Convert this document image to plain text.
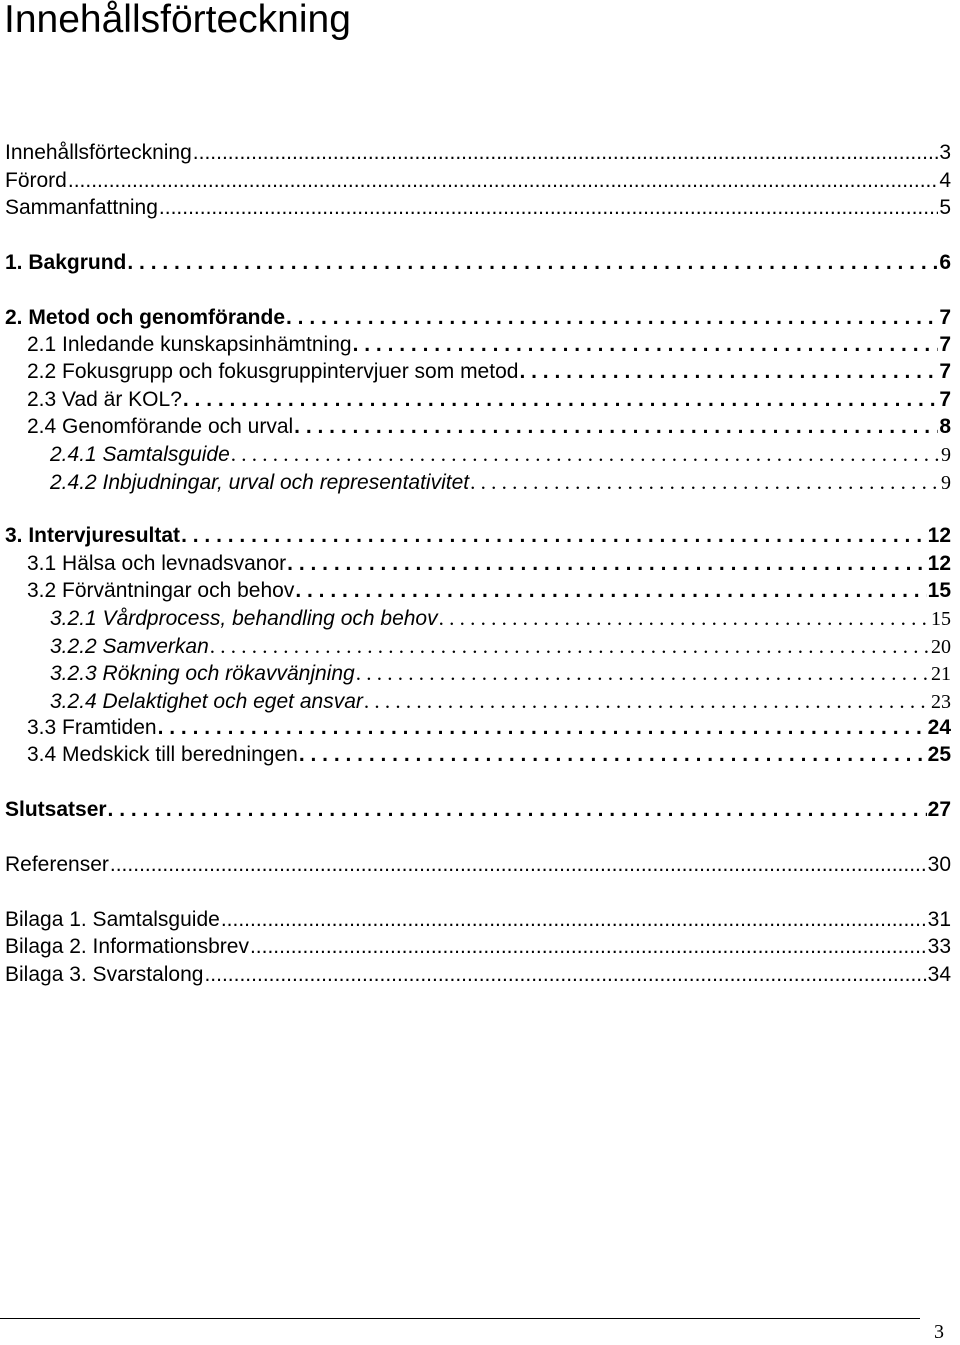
Innehållsförteckning .....	3
Förord .....	4
Sammanfattning .....	5
1. Bakgrund . . .	6
2. Metod och genomförande . . .	7
2.1 Inledande kunskapsinhämtning . . .	7
2.2 Fokusgrupp och fokusgruppintervjuer som metod . . .	7
2.3 Vad är KOL? . . .	7
2.4 Genomförande och urval . . .	8
2.4.1 Samtalsguide . . .	9
2.4.2 Inbjudningar, urval och representativitet . . .	9
3. Intervjuresultat . . .	12
3.1 Hälsa och levnadsvanor . . .	12
3.2 Förväntningar och behov . . .	15
3.2.1 Vårdprocess, behandling och behov . . .	15
3.2.2 Samverkan . . .	20
3.2.3 Rökning och rökavvänjning . . .	21
3.2.4 Delaktighet och eget ansvar . . .	23
3.3 Framtiden . . .	24
3.4 Medskick till beredningen . . .	25
Slutsatser . . .	27
Referenser .....	30
Bilaga 1. Samtalsguide .....	31
Bilaga 2. Informationsbrev .....	33
Bilaga 3. Svarstalong .....	34
Innehållsförteckning
3
